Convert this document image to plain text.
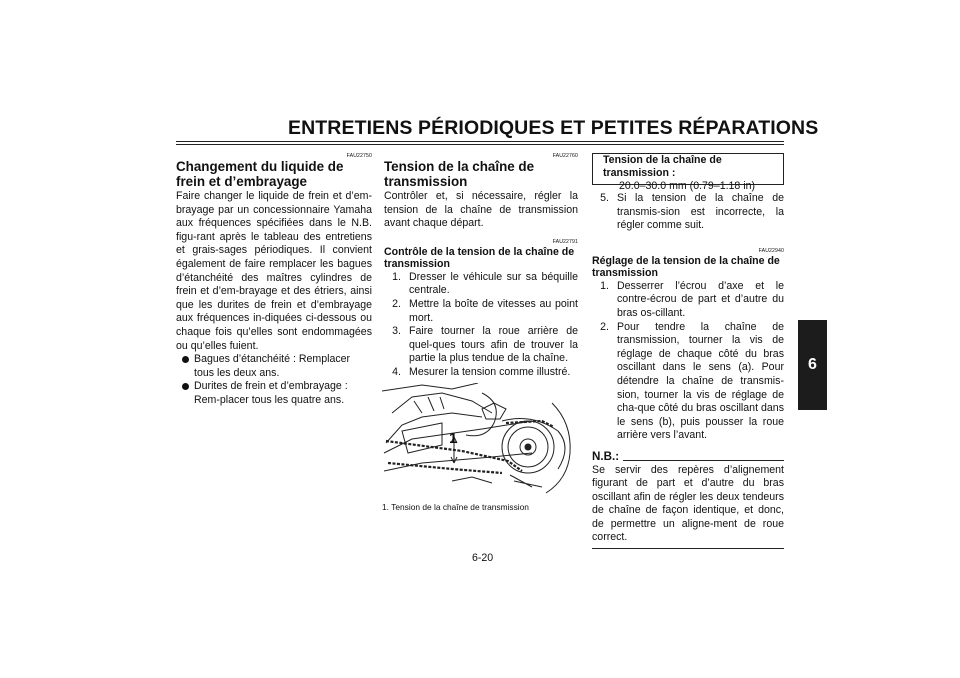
ENTRETIENS PÉRIODIQUES ET PETITES RÉPARATIONS
6
FAU22750
Changement du liquide de frein et d’embrayage
Faire changer le liquide de frein et d’em-brayage par un concessionnaire Yamaha aux fréquences spécifiées dans le N.B. figu-rant après le tableau des entretiens et grais-sages périodiques. Il convient également de faire remplacer les bagues d’étanchéité des maîtres cylindres de frein et d’em-brayage et des étriers, ainsi que les durites de frein et d’embrayage aux fréquences in-diquées ci-dessous ou chaque fois qu’elles sont endommagées ou qu’elles fuient.
Bagues d’étanchéité : Remplacer tous les deux ans.
Durites de frein et d’embrayage : Rem-placer tous les quatre ans.
FAU22760
Tension de la chaîne de transmission
Contrôler et, si nécessaire, régler la tension de la chaîne de transmission avant chaque départ.
FAU22791
Contrôle de la tension de la chaîne de transmission
1. Dresser le véhicule sur sa béquille centrale.
2. Mettre la boîte de vitesses au point mort.
3. Faire tourner la roue arrière de quel-ques tours afin de trouver la partie la plus tendue de la chaîne.
4. Mesurer la tension comme illustré.
1
1. Tension de la chaîne de transmission
Tension de la chaîne de transmission :
20.0–30.0 mm (0.79–1.18 in)
5. Si la tension de la chaîne de transmis-sion est incorrecte, la régler comme suit.
FAU22940
Réglage de la tension de la chaîne de transmission
1. Desserrer l’écrou d’axe et le contre-écrou de part et d’autre du bras os-cillant.
2. Pour tendre la chaîne de transmission, tourner la vis de réglage de chaque côté du bras oscillant dans le sens (a). Pour détendre la chaîne de transmis-sion, tourner la vis de réglage de cha-que côté du bras oscillant dans le sens (b), puis pousser la roue arrière vers l’avant.
N.B.:
Se servir des repères d’alignement figurant de part et d’autre du bras oscillant afin de régler les deux tendeurs de chaîne de façon identique, et donc, de permettre un aligne-ment de roue correct.
6-20
